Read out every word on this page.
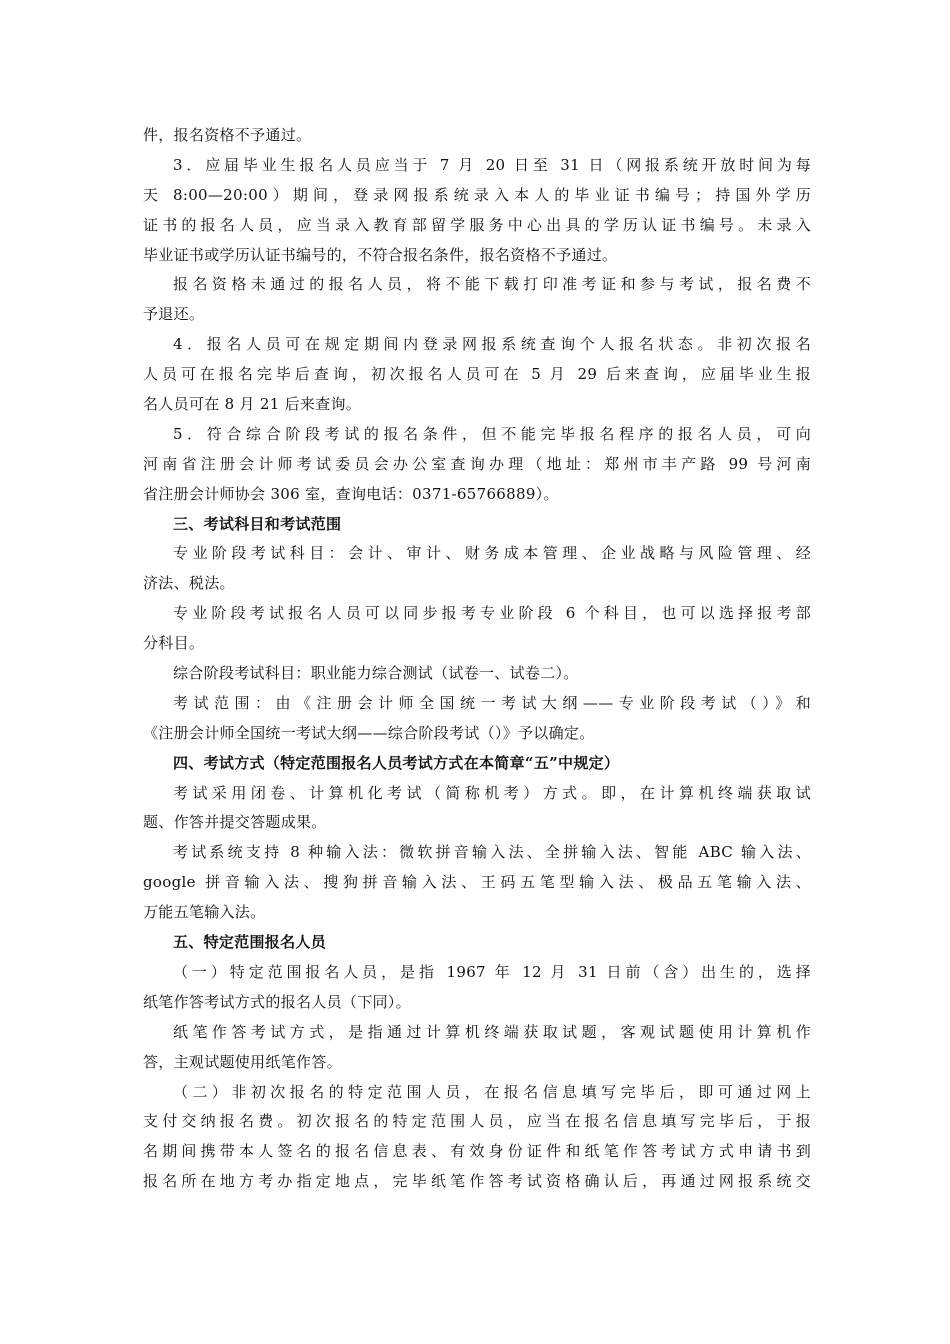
件，报名资格不予通过。
3．应届毕业生报名人员应当于 7 月 20 日至 31 日（网报系统开放时间为每
天 8:00—20:00）期间，登录网报系统录入本人的毕业证书编号；持国外学历
证书的报名人员，应当录入教育部留学服务中心出具的学历认证书编号。未录入
毕业证书或学历认证书编号的，不符合报名条件，报名资格不予通过。
报名资格未通过的报名人员，将不能下载打印准考证和参与考试，报名费不
予退还。
4．报名人员可在规定期间内登录网报系统查询个人报名状态。非初次报名
人员可在报名完毕后查询，初次报名人员可在 5 月 29 后来查询，应届毕业生报
名人员可在 8 月 21 后来查询。
5．符合综合阶段考试的报名条件，但不能完毕报名程序的报名人员，可向
河南省注册会计师考试委员会办公室查询办理（地址：郑州市丰产路 99 号河南
省注册会计师协会 306 室，查询电话：0371-65766889）。
三、考试科目和考试范围
专业阶段考试科目：会计、审计、财务成本管理、企业战略与风险管理、经
济法、税法。
专业阶段考试报名人员可以同步报考专业阶段 6 个科目，也可以选择报考部
分科目。
综合阶段考试科目：职业能力综合测试（试卷一、试卷二）。
考试范围：由《注册会计师全国统一考试大纲——专业阶段考试（）》和
《注册会计师全国统一考试大纲——综合阶段考试（）》予以确定。
四、考试方式（特定范围报名人员考试方式在本简章“五”中规定）
考试采用闭卷、计算机化考试（简称机考）方式。即，在计算机终端获取试
题、作答并提交答题成果。
考试系统支持 8 种输入法：微软拼音输入法、全拼输入法、智能 ABC 输入法、
google 拼音输入法、搜狗拼音输入法、王码五笔型输入法、极品五笔输入法、
万能五笔输入法。
五、特定范围报名人员
（一）特定范围报名人员，是指 1967 年 12 月 31 日前（含）出生的，选择
纸笔作答考试方式的报名人员（下同）。
纸笔作答考试方式，是指通过计算机终端获取试题，客观试题使用计算机作
答，主观试题使用纸笔作答。
（二）非初次报名的特定范围人员，在报名信息填写完毕后，即可通过网上
支付交纳报名费。初次报名的特定范围人员，应当在报名信息填写完毕后，于报
名期间携带本人签名的报名信息表、有效身份证件和纸笔作答考试方式申请书到
报名所在地方考办指定地点，完毕纸笔作答考试资格确认后，再通过网报系统交
